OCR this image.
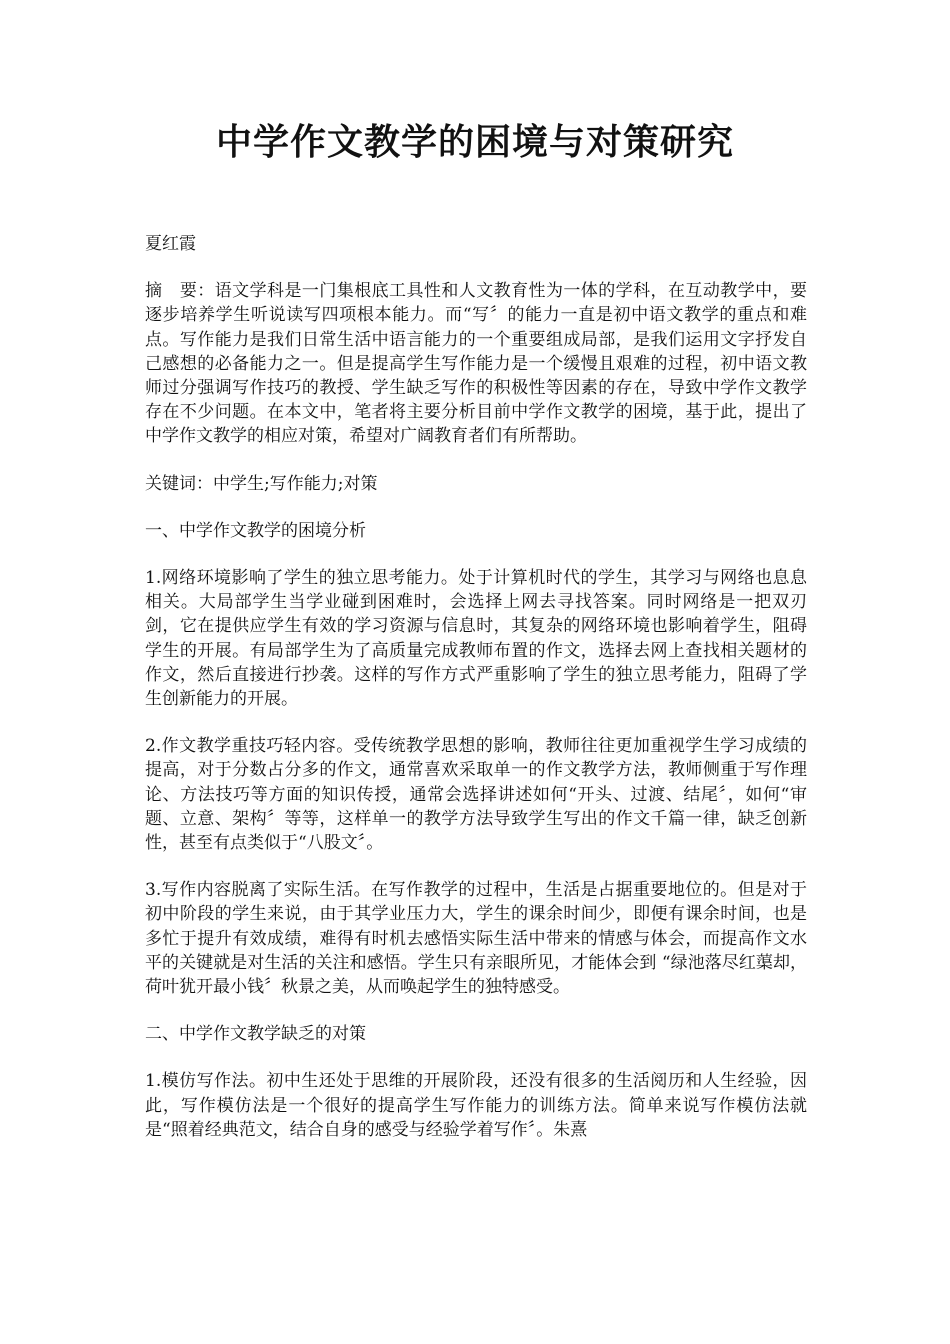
中学作文教学的困境与对策研究

夏红霞

摘　要：语文学科是一门集根底工具性和人文教育性为一体的学科，在互动教学中，要逐步培养学生听说读写四项根本能力。而“写〞的能力一直是初中语文教学的重点和难点。写作能力是我们日常生活中语言能力的一个重要组成局部，是我们运用文字抒发自己感想的必备能力之一。但是提高学生写作能力是一个缓慢且艰难的过程，初中语文教师过分强调写作技巧的教授、学生缺乏写作的积极性等因素的存在，导致中学作文教学存在不少问题。在本文中，笔者将主要分析目前中学作文教学的困境，基于此，提出了中学作文教学的相应对策，希望对广阔教育者们有所帮助。

关键词：中学生;写作能力;对策

一、中学作文教学的困境分析

1.网络环境影响了学生的独立思考能力。处于计算机时代的学生，其学习与网络也息息相关。大局部学生当学业碰到困难时，会选择上网去寻找答案。同时网络是一把双刃剑，它在提供应学生有效的学习资源与信息时，其复杂的网络环境也影响着学生，阻碍学生的开展。有局部学生为了高质量完成教师布置的作文，选择去网上查找相关题材的作文，然后直接进行抄袭。这样的写作方式严重影响了学生的独立思考能力，阻碍了学生创新能力的开展。

2.作文教学重技巧轻内容。受传统教学思想的影响，教师往往更加重视学生学习成绩的提高，对于分数占分多的作文，通常喜欢采取单一的作文教学方法，教师侧重于写作理论、方法技巧等方面的知识传授，通常会选择讲述如何“开头、过渡、结尾〞，如何“审题、立意、架构〞等等，这样单一的教学方法导致学生写出的作文千篇一律，缺乏创新性，甚至有点类似于“八股文〞。

3.写作内容脱离了实际生活。在写作教学的过程中，生活是占据重要地位的。但是对于初中阶段的学生来说，由于其学业压力大，学生的课余时间少，即便有课余时间，也是多忙于提升有效成绩，难得有时机去感悟实际生活中带来的情感与体会，而提高作文水平的关键就是对生活的关注和感悟。学生只有亲眼所见，才能体会到 “绿池落尽红蕖却，荷叶犹开最小钱〞秋景之美，从而唤起学生的独特感受。

二、中学作文教学缺乏的对策

1.模仿写作法。初中生还处于思维的开展阶段，还没有很多的生活阅历和人生经验，因此，写作模仿法是一个很好的提高学生写作能力的训练方法。简单来说写作模仿法就是“照着经典范文，结合自身的感受与经验学着写作〞。朱熹
